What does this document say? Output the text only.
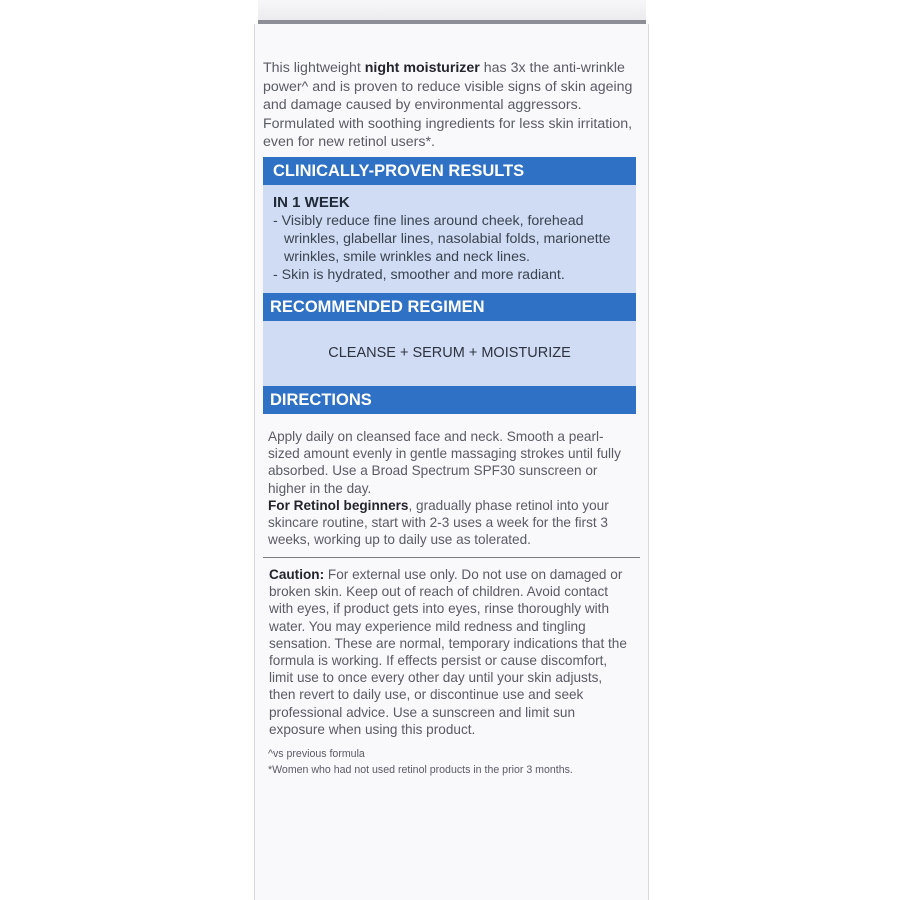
This lightweight night moisturizer has 3x the anti-wrinkle power^ and is proven to reduce visible signs of skin ageing and damage caused by environmental aggressors. Formulated with soothing ingredients for less skin irritation, even for new retinol users*.

CLINICALLY-PROVEN RESULTS

IN 1 WEEK

- Visibly reduce fine lines around cheek, forehead wrinkles, glabellar lines, nasolabial folds, marionette wrinkles, smile wrinkles and neck lines.
- Skin is hydrated, smoother and more radiant.
RECOMMENDED REGIMEN
CLEANSE + SERUM + MOISTURIZE
DIRECTIONS

Apply daily on cleansed face and neck. Smooth a pearl-sized amount evenly in gentle massaging strokes until fully absorbed. Use a Broad Spectrum SPF30 sunscreen or higher in the day.
For Retinol beginners, gradually phase retinol into your skincare routine, start with 2-3 uses a week for the first 3 weeks, working up to daily use as tolerated.

Caution: For external use only. Do not use on damaged or broken skin. Keep out of reach of children. Avoid contact with eyes, if product gets into eyes, rinse thoroughly with water. You may experience mild redness and tingling sensation. These are normal, temporary indications that the formula is working. If effects persist or cause discomfort, limit use to once every other day until your skin adjusts, then revert to daily use, or discontinue use and seek professional advice. Use a sunscreen and limit sun exposure when using this product.

^vs previous formula

*Women who had not used retinol products in the prior 3 months.
